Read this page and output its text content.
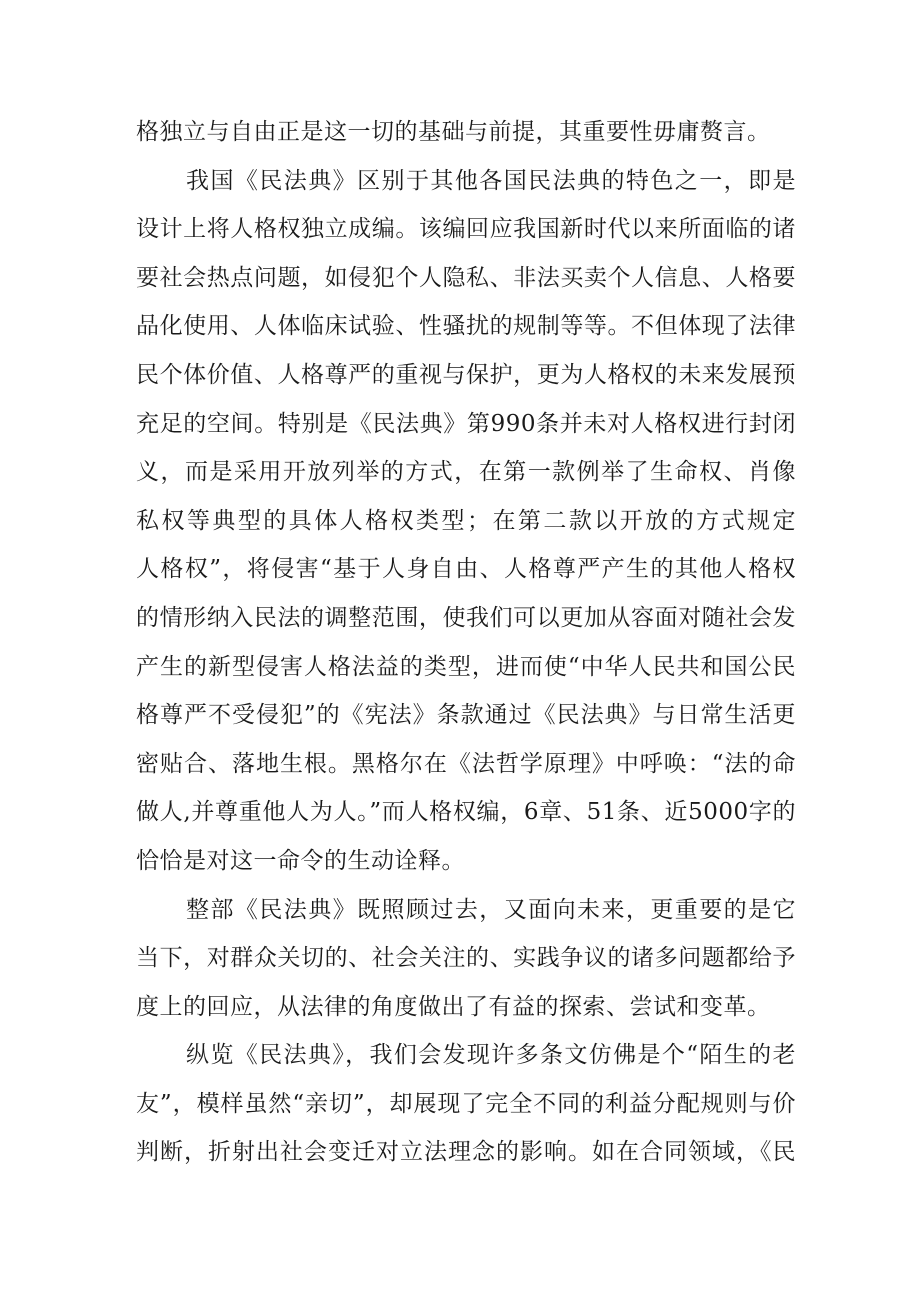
格独立与自由正是这一切的基础与前提，其重要性毋庸赘言。
我国《民法典》区别于其他各国民法典的特色之一，即是
设计上将人格权独立成编。该编回应我国新时代以来所面临的诸
要社会热点问题，如侵犯个人隐私、非法买卖个人信息、人格要
品化使用、人体临床试验、性骚扰的规制等等。不但体现了法律
民个体价值、人格尊严的重视与保护，更为人格权的未来发展预
充足的空间。特别是《民法典》第990条并未对人格权进行封闭
义，而是采用开放列举的方式，在第一款例举了生命权、肖像
私权等典型的具体人格权类型；在第二款以开放的方式规定
人格权”，将侵害“基于人身自由、人格尊严产生的其他人格权
的情形纳入民法的调整范围，使我们可以更加从容面对随社会发
产生的新型侵害人格法益的类型，进而使“中华人民共和国公民
格尊严不受侵犯”的《宪法》条款通过《民法典》与日常生活更
密贴合、落地生根。黑格尔在《法哲学原理》中呼唤：“法的命
做人,并尊重他人为人。”而人格权编，6章、51条、近5000字的
恰恰是对这一命令的生动诠释。
整部《民法典》既照顾过去，又面向未来，更重要的是它
当下，对群众关切的、社会关注的、实践争议的诸多问题都给予
度上的回应，从法律的角度做出了有益的探索、尝试和变革。
纵览《民法典》，我们会发现许多条文仿佛是个“陌生的老
友”，模样虽然“亲切”，却展现了完全不同的利益分配规则与价
判断，折射出社会变迁对立法理念的影响。如在合同领域，《民
